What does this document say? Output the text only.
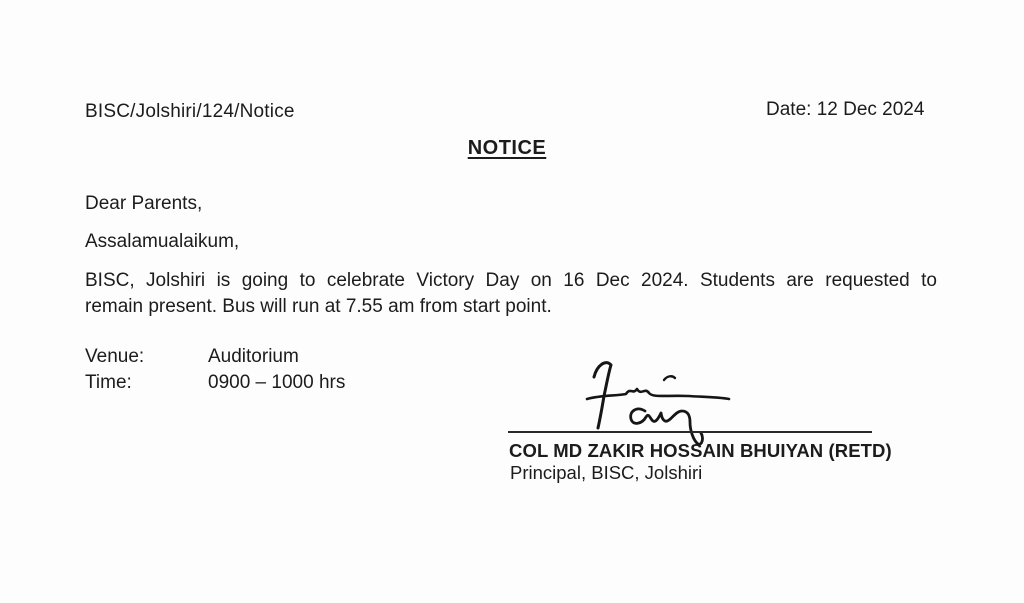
BISC/Jolshiri/124/Notice	Date: 12 Dec 2024
NOTICE
Dear Parents,
Assalamualaikum,
BISC, Jolshiri is going to celebrate Victory Day on 16 Dec 2024. Students are requested to
remain present. Bus will run at 7.55 am from start point.
Venue:	Auditorium
Time:	0900 – 1000 hrs
COL MD ZAKIR HOSSAIN BHUIYAN (RETD)
Principal, BISC, Jolshiri
